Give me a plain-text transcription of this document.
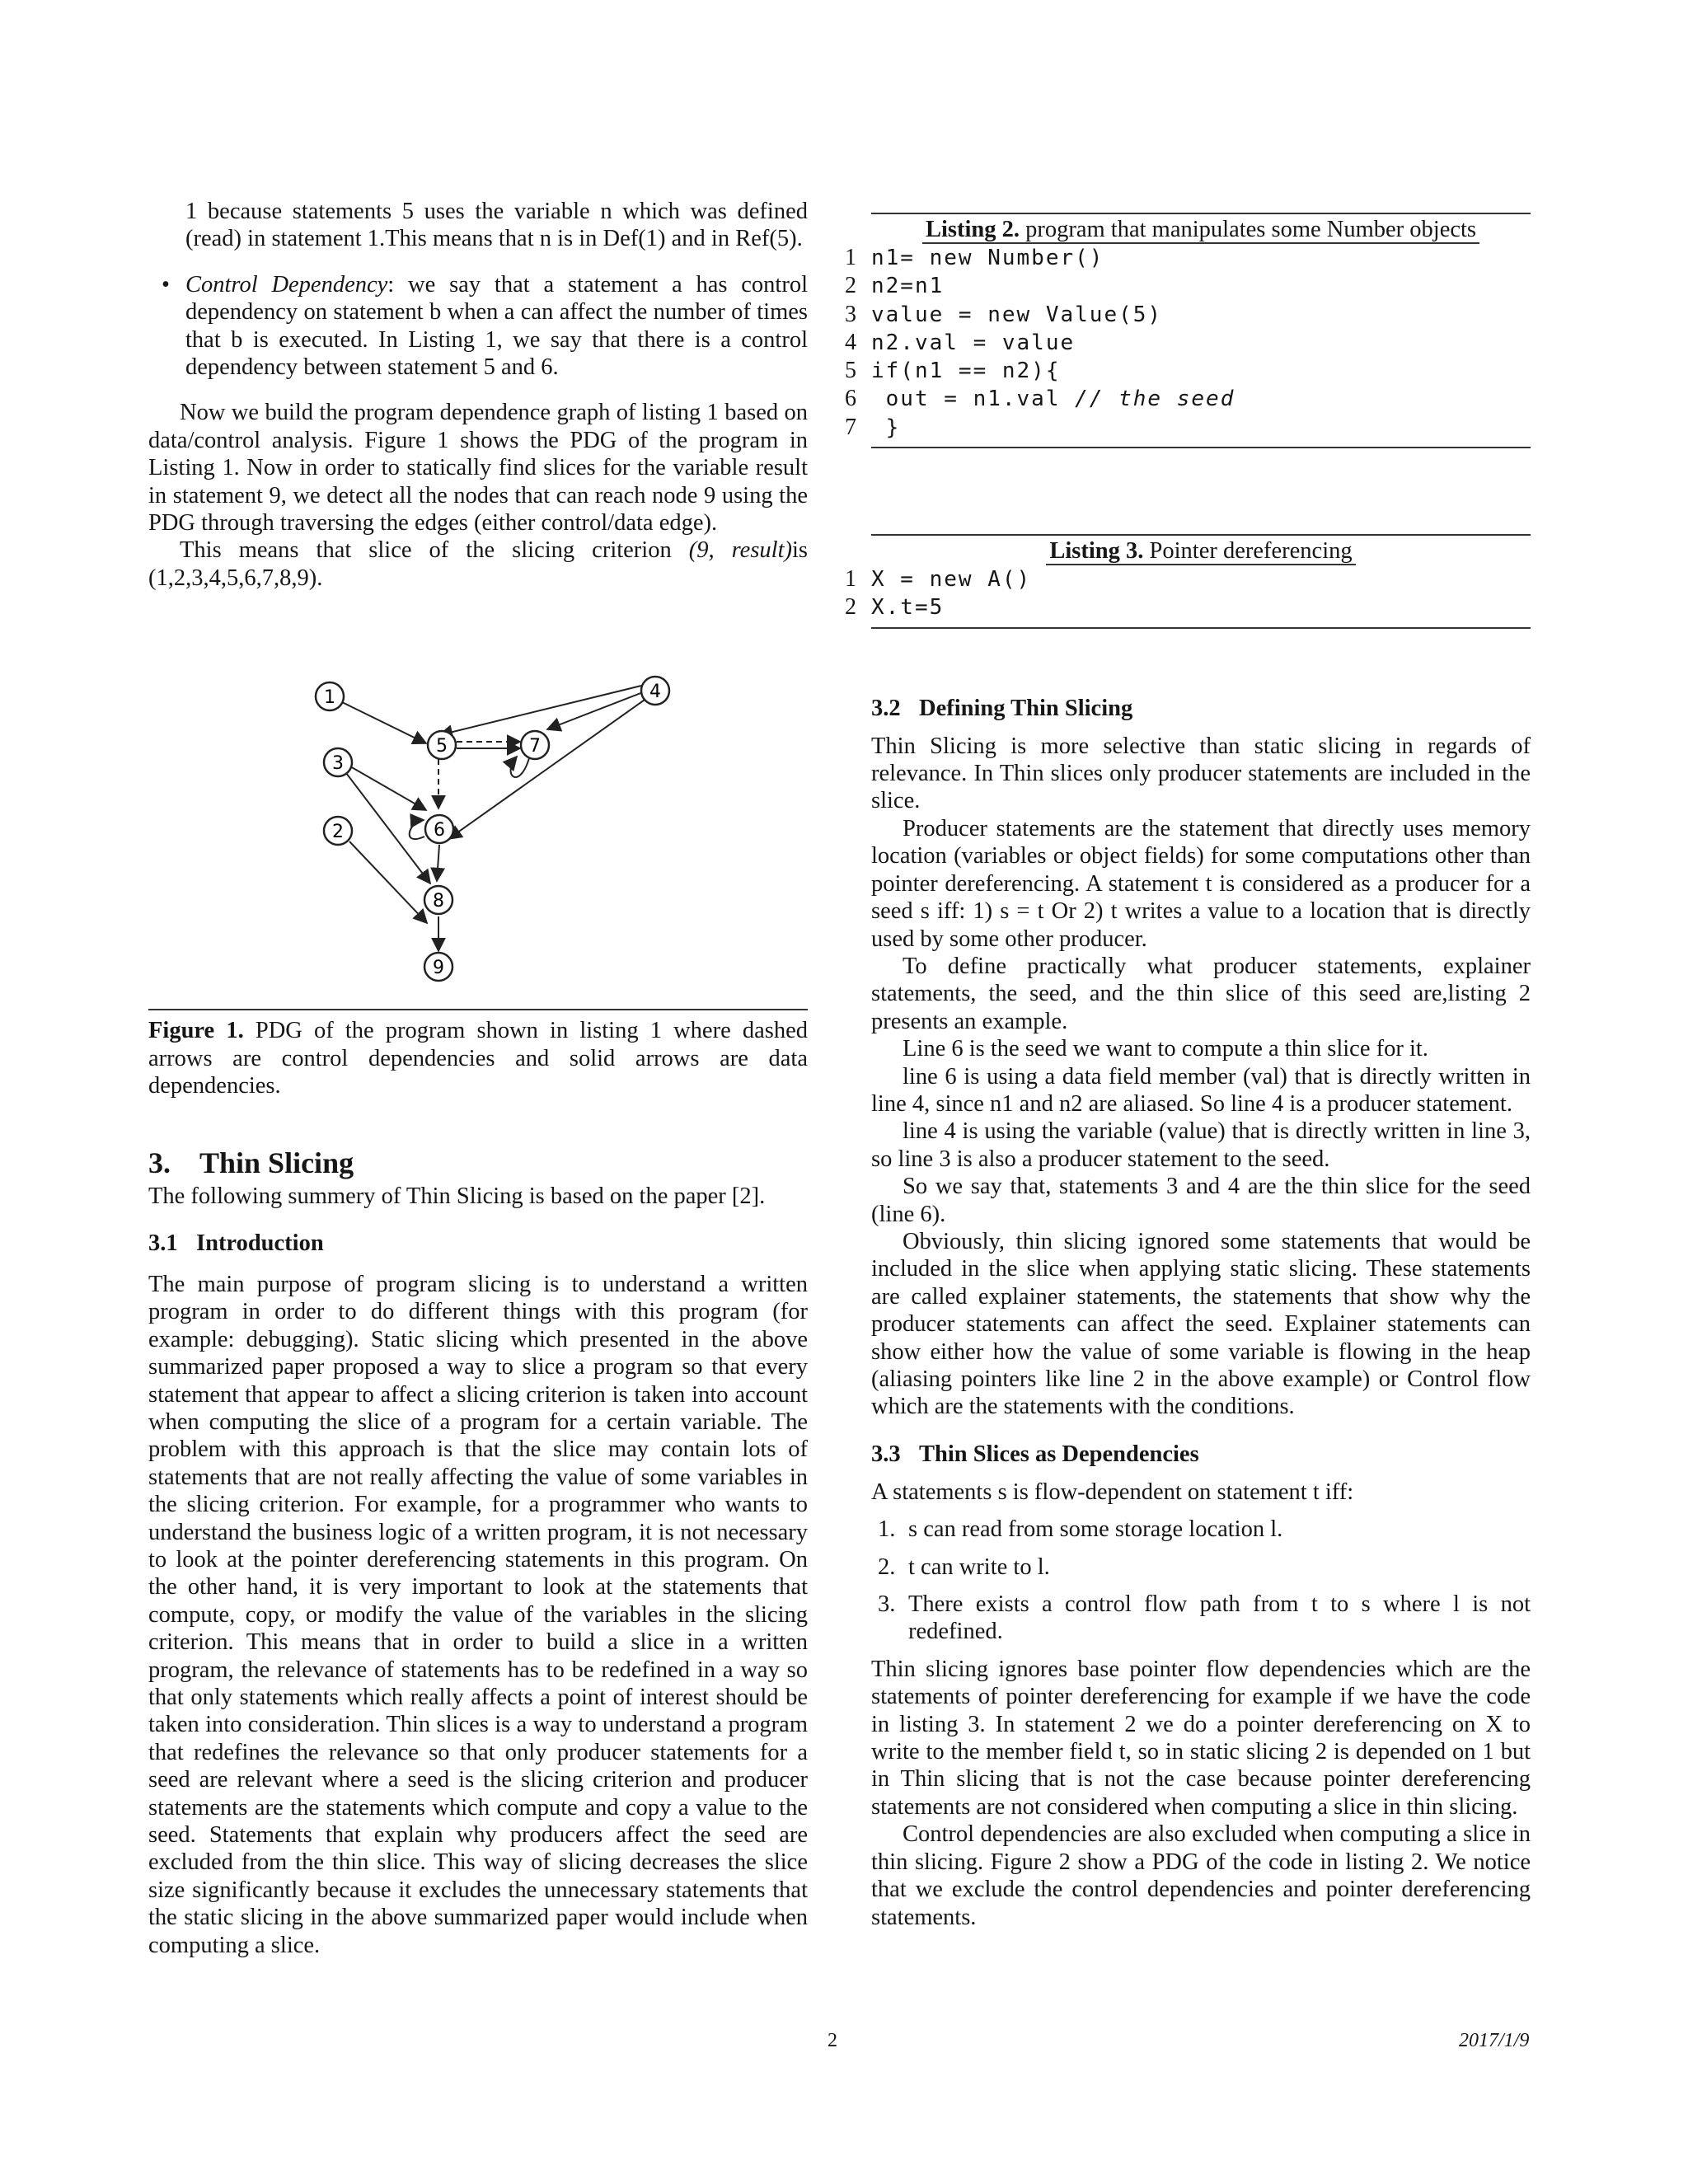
1 because statements 5 uses the variable n which was defined (read) in statement 1.This means that n is in Def(1) and in Ref(5).

• Control Dependency: we say that a statement a has control dependency on statement b when a can affect the number of times that b is executed. In Listing 1, we say that there is a control dependency between statement 5 and 6.

Now we build the program dependence graph of listing 1 based on data/control analysis. Figure 1 shows the PDG of the program in Listing 1. Now in order to statically find slices for the variable result in statement 9, we detect all the nodes that can reach node 9 using the PDG through traversing the edges (either control/data edge).

This means that slice of the slicing criterion (9, result)is (1,2,3,4,5,6,7,8,9).

1
2
3
4
5
6
7
8
9

Figure 1. PDG of the program shown in listing 1 where dashed arrows are control dependencies and solid arrows are data dependencies.

3. Thin Slicing

The following summery of Thin Slicing is based on the paper [2].

3.1 Introduction

The main purpose of program slicing is to understand a written program in order to do different things with this program (for example: debugging). Static slicing which presented in the above summarized paper proposed a way to slice a program so that every statement that appear to affect a slicing criterion is taken into account when computing the slice of a program for a certain variable. The problem with this approach is that the slice may contain lots of statements that are not really affecting the value of some variables in the slicing criterion. For example, for a programmer who wants to understand the business logic of a written program, it is not necessary to look at the pointer dereferencing statements in this program. On the other hand, it is very important to look at the statements that compute, copy, or modify the value of the variables in the slicing criterion. This means that in order to build a slice in a written program, the relevance of statements has to be redefined in a way so that only statements which really affects a point of interest should be taken into consideration. Thin slices is a way to understand a program that redefines the relevance so that only producer statements for a seed are relevant where a seed is the slicing criterion and producer statements are the statements which compute and copy a value to the seed. Statements that explain why producers affect the seed are excluded from the thin slice. This way of slicing decreases the slice size significantly because it excludes the unnecessary statements that the static slicing in the above summarized paper would include when computing a slice.

Listing 2. program that manipulates some Number objects
1 n1= new Number()
2 n2=n1
3 value = new Value(5)
4 n2.val = value
5 if(n1 == n2){
6 out = n1.val // the seed
7 }
Listing 3. Pointer dereferencing
1 X = new A()
2 X.t=5
3.2 Defining Thin Slicing

Thin Slicing is more selective than static slicing in regards of relevance. In Thin slices only producer statements are included in the slice.

Producer statements are the statement that directly uses memory location (variables or object fields) for some computations other than pointer dereferencing. A statement t is considered as a producer for a seed s iff: 1) s = t Or 2) t writes a value to a location that is directly used by some other producer.

To define practically what producer statements, explainer statements, the seed, and the thin slice of this seed are,listing 2 presents an example.

Line 6 is the seed we want to compute a thin slice for it.

line 6 is using a data field member (val) that is directly written in line 4, since n1 and n2 are aliased. So line 4 is a producer statement.

line 4 is using the variable (value) that is directly written in line 3, so line 3 is also a producer statement to the seed.

So we say that, statements 3 and 4 are the thin slice for the seed (line 6).

Obviously, thin slicing ignored some statements that would be included in the slice when applying static slicing. These statements are called explainer statements, the statements that show why the producer statements can affect the seed. Explainer statements can show either how the value of some variable is flowing in the heap (aliasing pointers like line 2 in the above example) or Control flow which are the statements with the conditions.

3.3 Thin Slices as Dependencies

A statements s is flow-dependent on statement t iff:

1. s can read from some storage location l.
2. t can write to l.
3. There exists a control flow path from t to s where l is not redefined.

Thin slicing ignores base pointer flow dependencies which are the statements of pointer dereferencing for example if we have the code in listing 3. In statement 2 we do a pointer dereferencing on X to write to the member field t, so in static slicing 2 is depended on 1 but in Thin slicing that is not the case because pointer dereferencing statements are not considered when computing a slice in thin slicing.

Control dependencies are also excluded when computing a slice in thin slicing. Figure 2 show a PDG of the code in listing 2. We notice that we exclude the control dependencies and pointer dereferencing statements.

2	2017/1/9
